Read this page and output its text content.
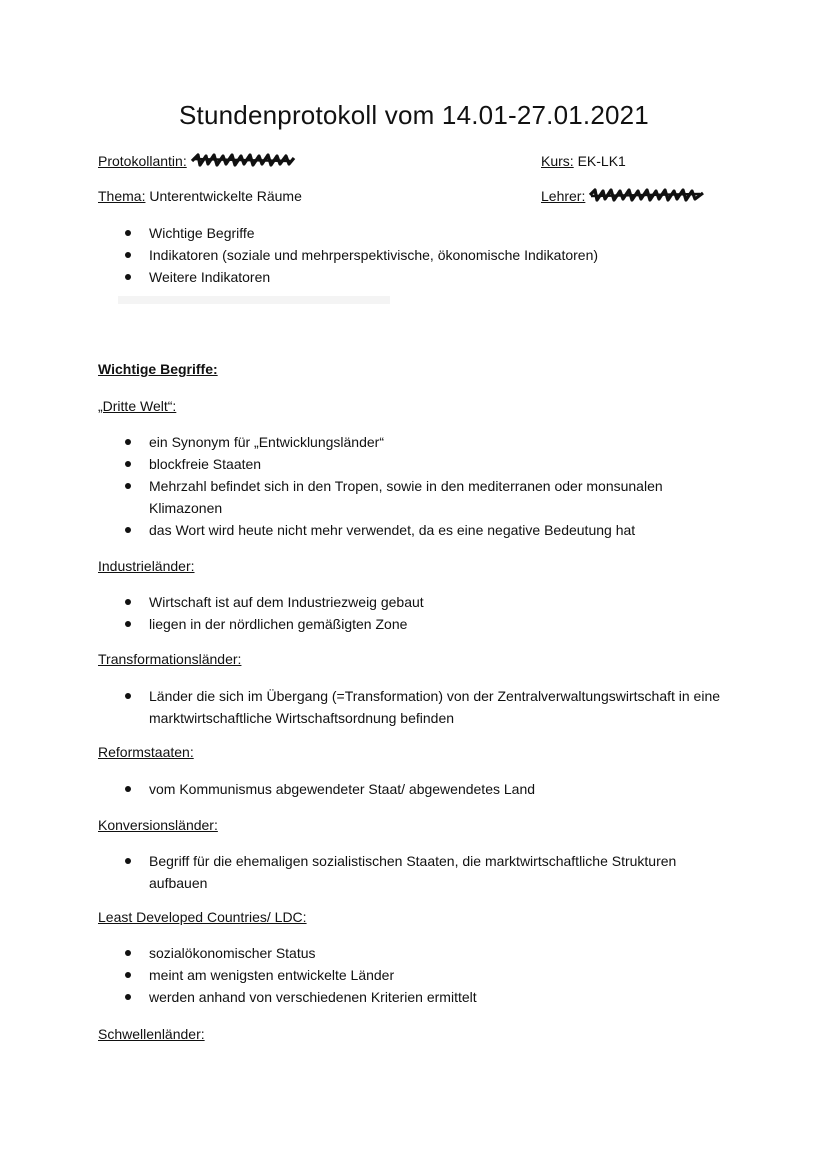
Stundenprotokoll vom 14.01-27.01.2021
Protokollantin:	Kurs: EK-LK1
Thema: Unterentwickelte Räume	Lehrer:
Wichtige Begriffe
Indikatoren (soziale und mehrperspektivische, ökonomische Indikatoren)
Weitere Indikatoren
Wichtige Begriffe:
„Dritte Welt“:
ein Synonym für „Entwicklungsländer“
blockfreie Staaten
Mehrzahl befindet sich in den Tropen, sowie in den mediterranen oder monsunalen Klimazonen
das Wort wird heute nicht mehr verwendet, da es eine negative Bedeutung hat
Industrieländer:
Wirtschaft ist auf dem Industriezweig gebaut
liegen in der nördlichen gemäßigten Zone
Transformationsländer:
Länder die sich im Übergang (=Transformation) von der Zentralverwaltungswirtschaft in eine marktwirtschaftliche Wirtschaftsordnung befinden
Reformstaaten:
vom Kommunismus abgewendeter Staat/ abgewendetes Land
Konversionsländer:
Begriff für die ehemaligen sozialistischen Staaten, die marktwirtschaftliche Strukturen aufbauen
Least Developed Countries/ LDC:
sozialökonomischer Status
meint am wenigsten entwickelte Länder
werden anhand von verschiedenen Kriterien ermittelt
Schwellenländer:
